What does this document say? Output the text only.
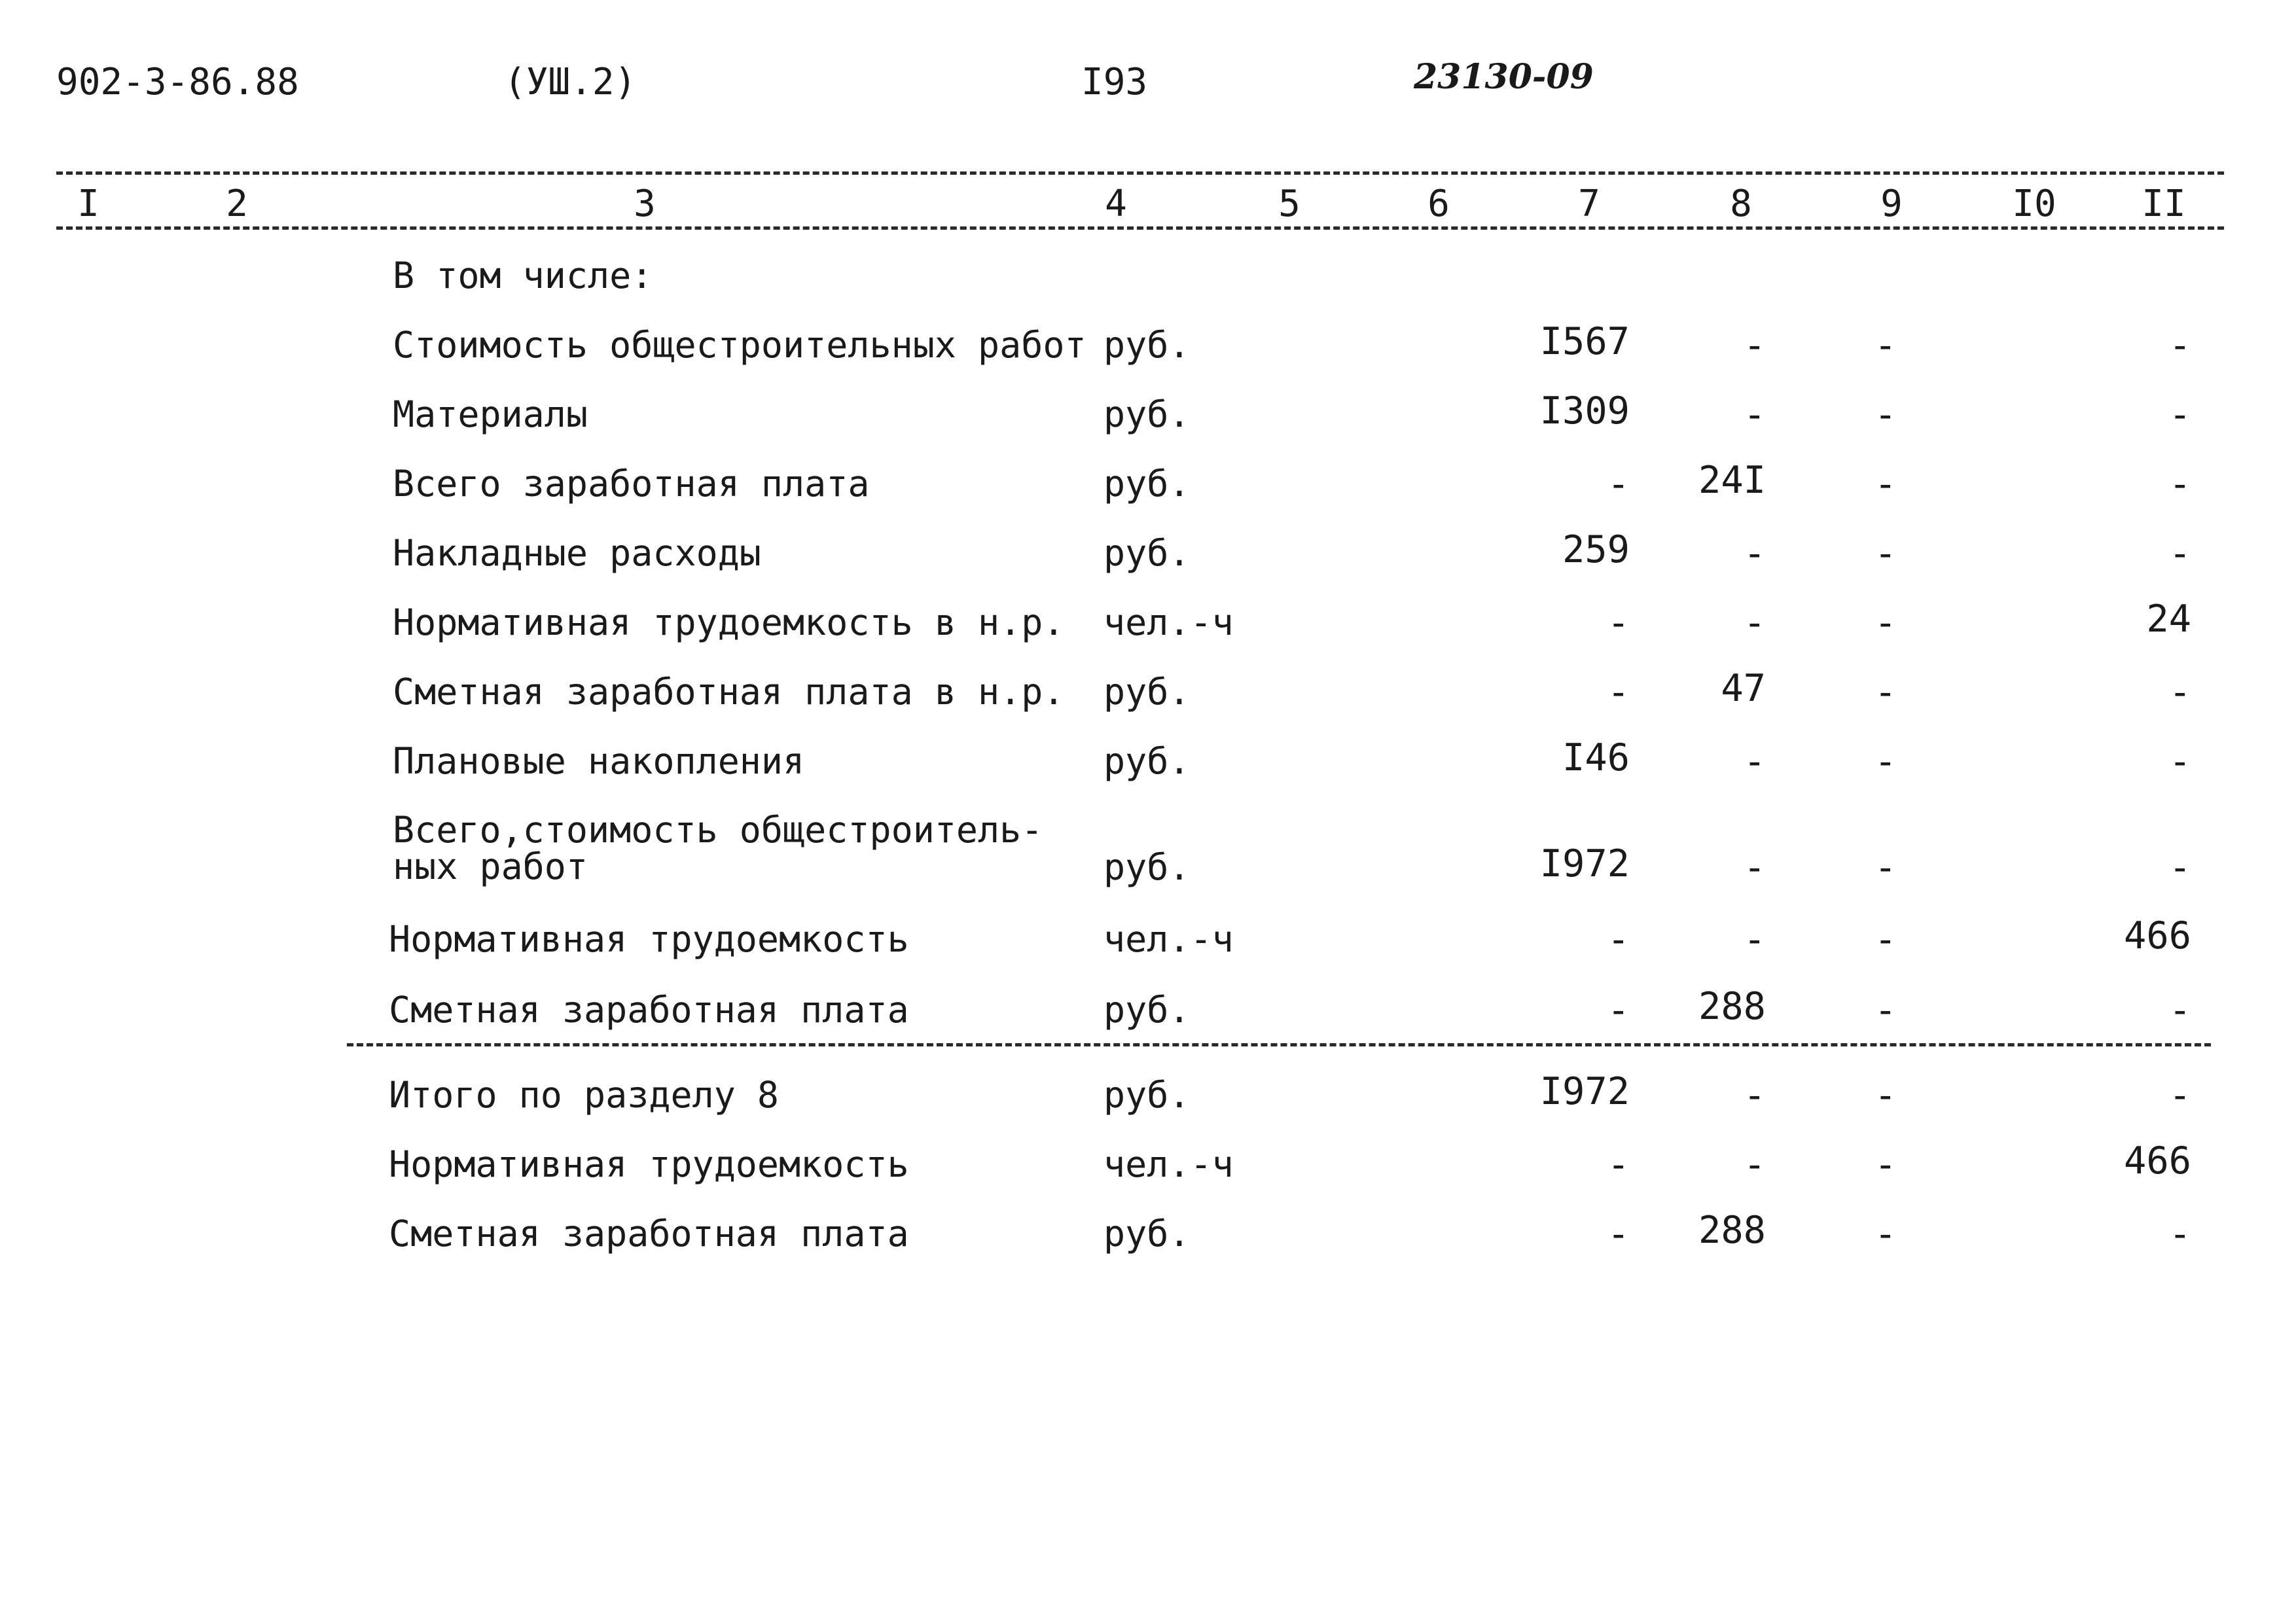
902-3-86.88	(УШ.2)	I93	23130-09
I	2	3	4	5	6	7	8	9	I0 II
В том числе:
Стоимость общестроительных работ руб.	I567	-	-	-
Материалы	руб.	I309	-	-	-
Всего заработная плата	руб.	- 24I	-	-
Накладные расходы	руб.	259	-	-	-
Нормативная трудоемкость в н.р. чел.-ч	-	-	-	24
Сметная заработная плата в н.р. руб.	- 47	-	-
Плановые накопления	руб.	I46	-	-	-
Всего,стоимость общестроитель-ных работ	руб.	I972	-	-	-
Нормативная трудоемкость	чел.-ч	-	-	-	466
Сметная заработная плата	руб.	- 288	-	-
Итого по разделу 8	руб.	I972	-	-	-
Нормативная трудоемкость	чел.-ч	-	-	-	466
Сметная заработная плата	руб.	- 288	-	-
